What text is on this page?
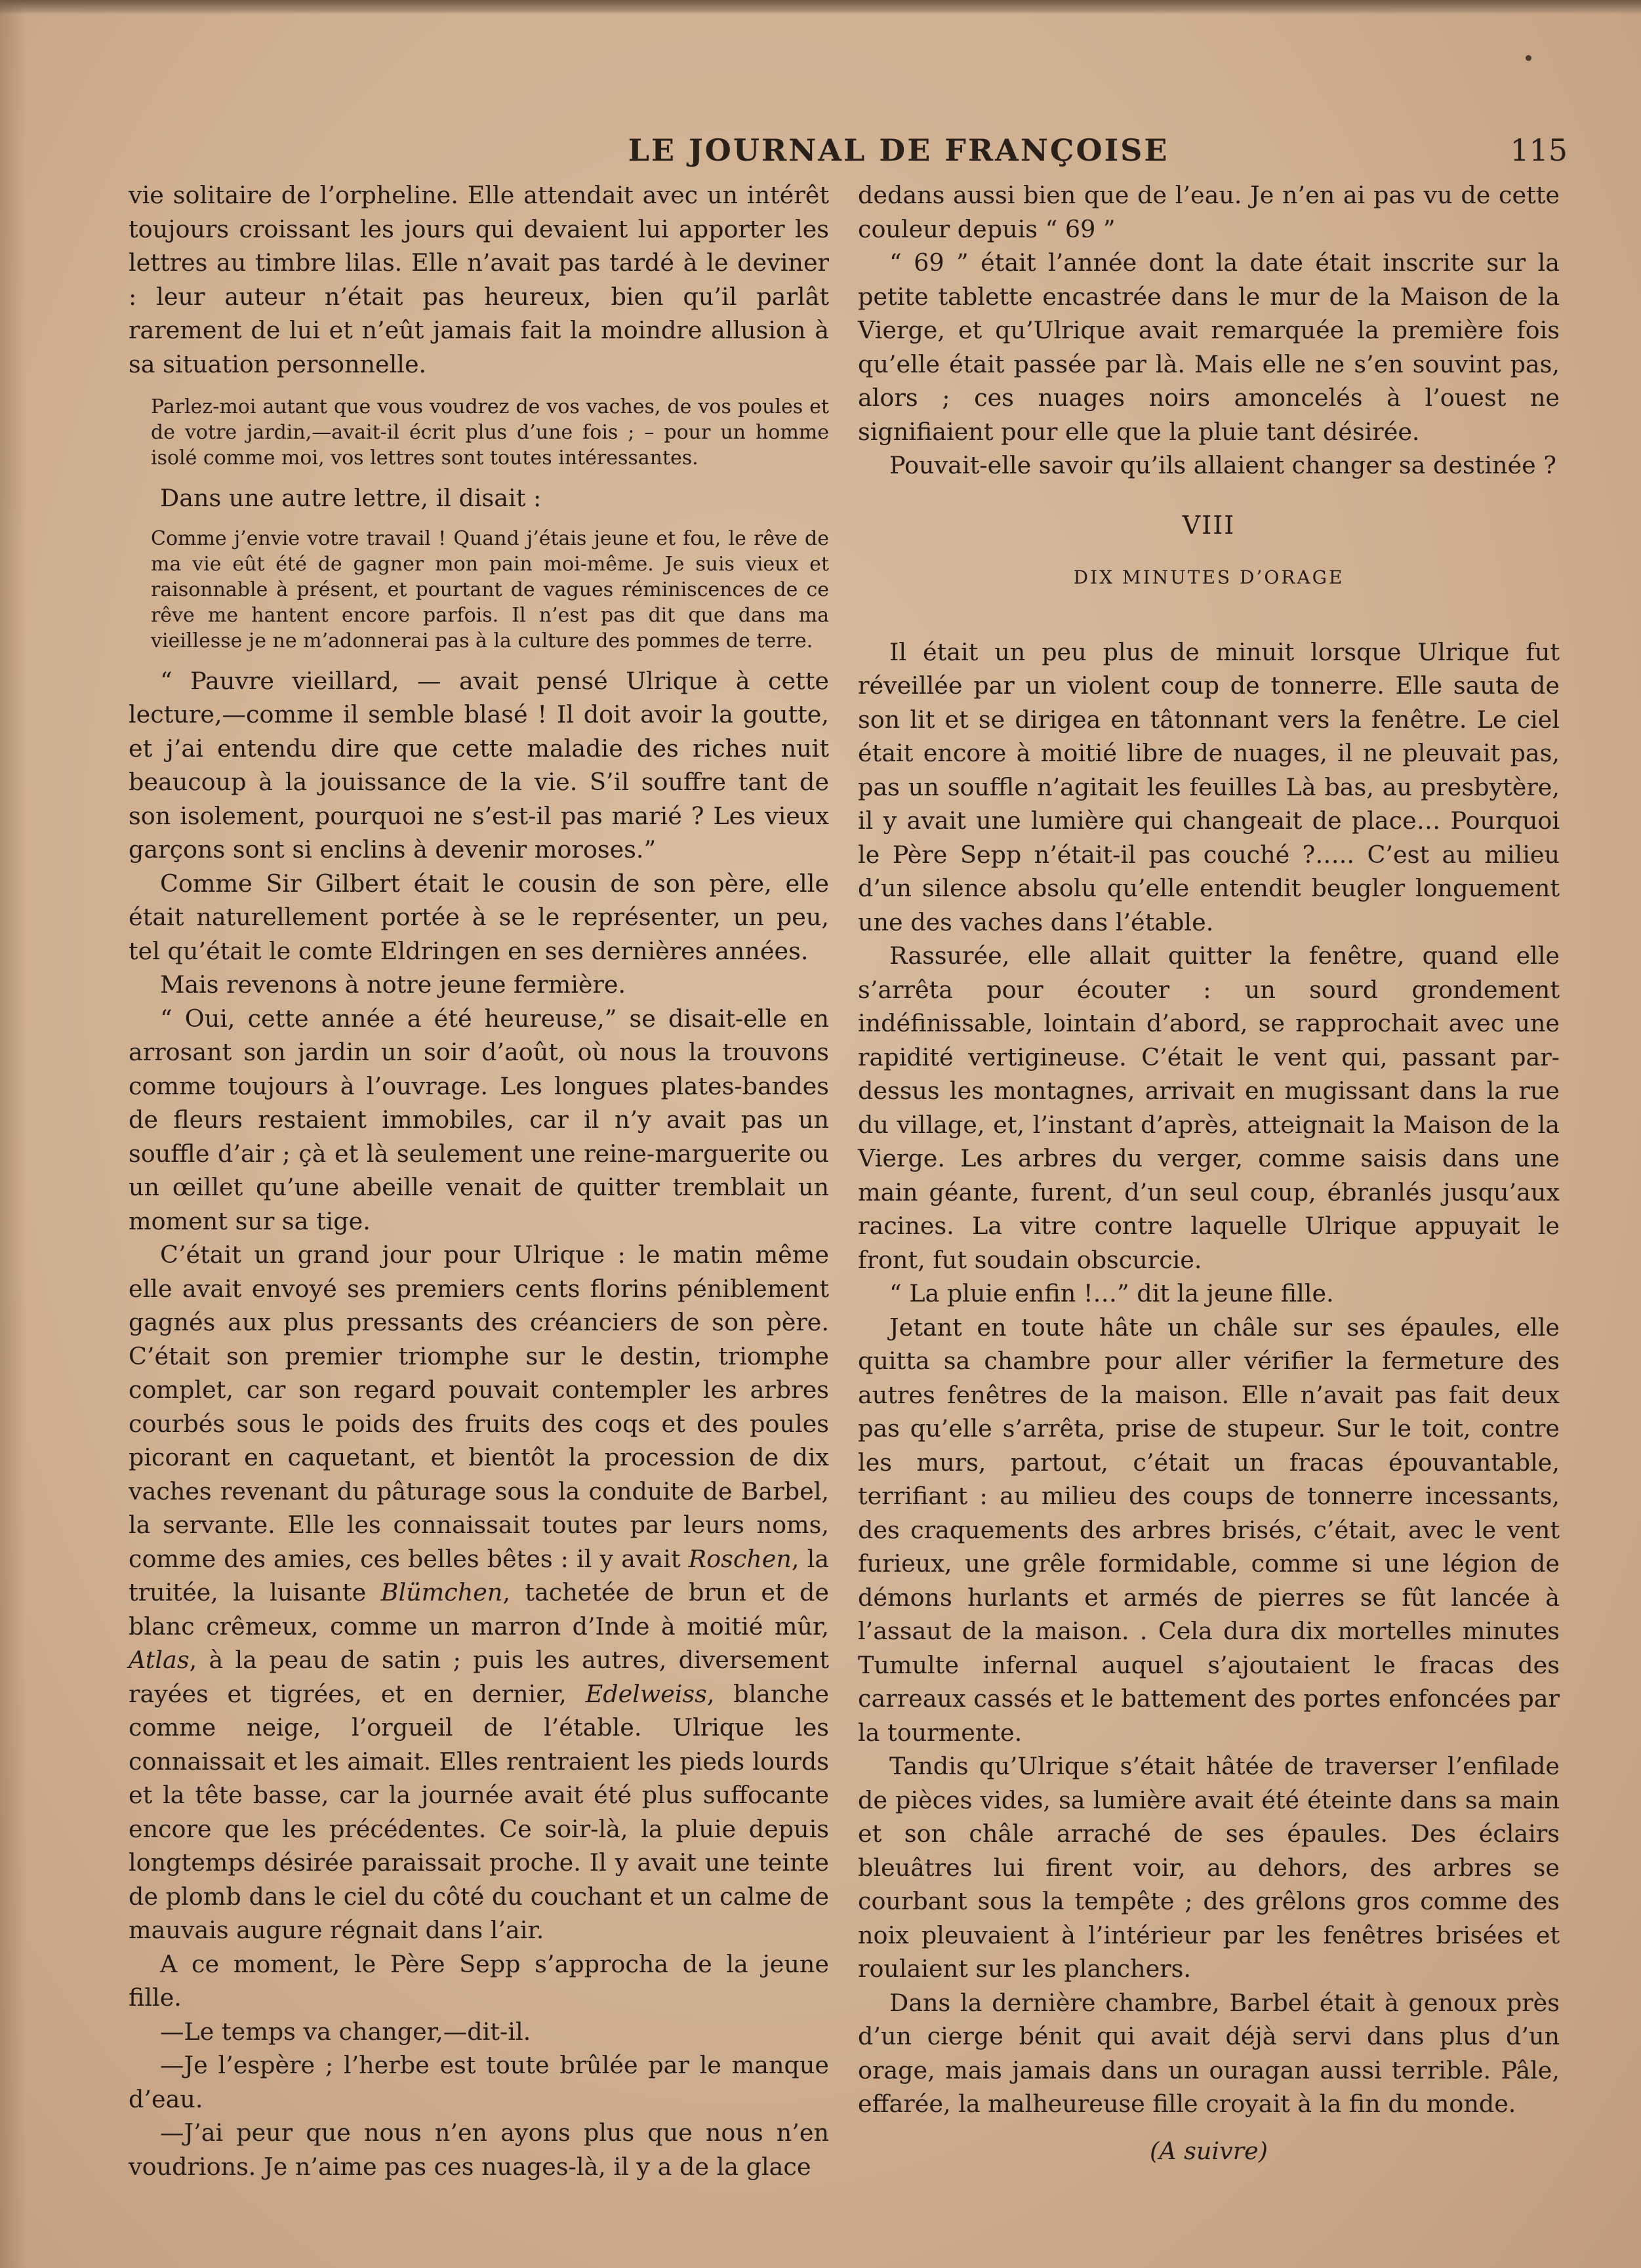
LE JOURNAL DE FRANÇOISE	115

vie solitaire de l’orpheline. Elle attendait avec un intérêt toujours croissant les jours qui devaient lui apporter les lettres au timbre lilas. Elle n’avait pas tardé à le deviner : leur auteur n’était pas heureux, bien qu’il parlât rarement de lui et n’eût jamais fait la moindre allusion à sa situation personnelle.

Parlez-moi autant que vous voudrez de vos vaches, de vos poules et de votre jardin,—avait-il écrit plus d’une fois ; – pour un homme isolé comme moi, vos lettres sont toutes intéressantes.

Dans une autre lettre, il disait :

Comme j’envie votre travail ! Quand j’étais jeune et fou, le rêve de ma vie eût été de gagner mon pain moi-même. Je suis vieux et raisonnable à présent, et pourtant de vagues réminiscences de ce rêve me hantent encore parfois. Il n’est pas dit que dans ma vieillesse je ne m’adonnerai pas à la culture des pommes de terre.

“ Pauvre vieillard, — avait pensé Ulrique à cette lecture,—comme il semble blasé ! Il doit avoir la goutte, et j’ai entendu dire que cette maladie des riches nuit beaucoup à la jouissance de la vie. S’il souffre tant de son isolement, pourquoi ne s’est-il pas marié ? Les vieux garçons sont si enclins à devenir moroses.”

Comme Sir Gilbert était le cousin de son père, elle était naturellement portée à se le représenter, un peu, tel qu’était le comte Eldringen en ses dernières années.

Mais revenons à notre jeune fermière.

“ Oui, cette année a été heureuse,” se disait-elle en arrosant son jardin un soir d’août, où nous la trouvons comme toujours à l’ouvrage. Les longues plates-bandes de fleurs restaient immobiles, car il n’y avait pas un souffle d’air ; çà et là seulement une reine-marguerite ou un œillet qu’une abeille venait de quitter tremblait un moment sur sa tige.

C’était un grand jour pour Ulrique : le matin même elle avait envoyé ses premiers cents florins péniblement gagnés aux plus pressants des créanciers de son père. C’était son premier triomphe sur le destin, triomphe complet, car son regard pouvait contempler les arbres courbés sous le poids des fruits des coqs et des poules picorant en caquetant, et bientôt la procession de dix vaches revenant du pâturage sous la conduite de Barbel, la servante. Elle les connaissait toutes par leurs noms, comme des amies, ces belles bêtes : il y avait Roschen, la truitée, la luisante Blümchen, tachetée de brun et de blanc crêmeux, comme un marron d’Inde à moitié mûr, Atlas, à la peau de satin ; puis les autres, diversement rayées et tigrées, et en dernier, Edelweiss, blanche comme neige, l’orgueil de l’étable. Ulrique les connaissait et les aimait. Elles rentraient les pieds lourds et la tête basse, car la journée avait été plus suffocante encore que les précédentes. Ce soir-là, la pluie depuis longtemps désirée paraissait proche. Il y avait une teinte de plomb dans le ciel du côté du couchant et un calme de mauvais augure régnait dans l’air.

A ce moment, le Père Sepp s’approcha de la jeune fille.

—Le temps va changer,—dit-il.

—Je l’espère ; l’herbe est toute brûlée par le manque d’eau.

—J’ai peur que nous n’en ayons plus que nous n’en voudrions. Je n’aime pas ces nuages-là, il y a de la glace

dedans aussi bien que de l’eau. Je n’en ai pas vu de cette couleur depuis “ 69 ”

“ 69 ” était l’année dont la date était inscrite sur la petite tablette encastrée dans le mur de la Maison de la Vierge, et qu’Ulrique avait remarquée la première fois qu’elle était passée par là. Mais elle ne s’en souvint pas, alors ; ces nuages noirs amoncelés à l’ouest ne signifiaient pour elle que la pluie tant désirée.

Pouvait-elle savoir qu’ils allaient changer sa destinée ?

VIII

DIX MINUTES D’ORAGE

Il était un peu plus de minuit lorsque Ulrique fut réveillée par un violent coup de tonnerre. Elle sauta de son lit et se dirigea en tâtonnant vers la fenêtre. Le ciel était encore à moitié libre de nuages, il ne pleuvait pas, pas un souffle n’agitait les feuilles Là bas, au presbytère, il y avait une lumière qui changeait de place… Pourquoi le Père Sepp n’était-il pas couché ?….. C’est au milieu d’un silence absolu qu’elle entendit beugler longuement une des vaches dans l’étable.

Rassurée, elle allait quitter la fenêtre, quand elle s’arrêta pour écouter : un sourd grondement indéfinissable, lointain d’abord, se rapprochait avec une rapidité vertigineuse. C’était le vent qui, passant par-dessus les montagnes, arrivait en mugissant dans la rue du village, et, l’instant d’après, atteignait la Maison de la Vierge. Les arbres du verger, comme saisis dans une main géante, furent, d’un seul coup, ébranlés jusqu’aux racines. La vitre contre laquelle Ulrique appuyait le front, fut soudain obscurcie.

“ La pluie enfin !…” dit la jeune fille.

Jetant en toute hâte un châle sur ses épaules, elle quitta sa chambre pour aller vérifier la fermeture des autres fenêtres de la maison. Elle n’avait pas fait deux pas qu’elle s’arrêta, prise de stupeur. Sur le toit, contre les murs, partout, c’était un fracas épouvantable, terrifiant : au milieu des coups de tonnerre incessants, des craquements des arbres brisés, c’était, avec le vent furieux, une grêle formidable, comme si une légion de démons hurlants et armés de pierres se fût lancée à l’assaut de la maison. . Cela dura dix mortelles minutes Tumulte infernal auquel s’ajoutaient le fracas des carreaux cassés et le battement des portes enfoncées par la tourmente.

Tandis qu’Ulrique s’était hâtée de traverser l’enfilade de pièces vides, sa lumière avait été éteinte dans sa main et son châle arraché de ses épaules. Des éclairs bleuâtres lui firent voir, au dehors, des arbres se courbant sous la tempête ; des grêlons gros comme des noix pleuvaient à l’intérieur par les fenêtres brisées et roulaient sur les planchers.

Dans la dernière chambre, Barbel était à genoux près d’un cierge bénit qui avait déjà servi dans plus d’un orage, mais jamais dans un ouragan aussi terrible. Pâle, effarée, la malheureuse fille croyait à la fin du monde.

(A suivre)
